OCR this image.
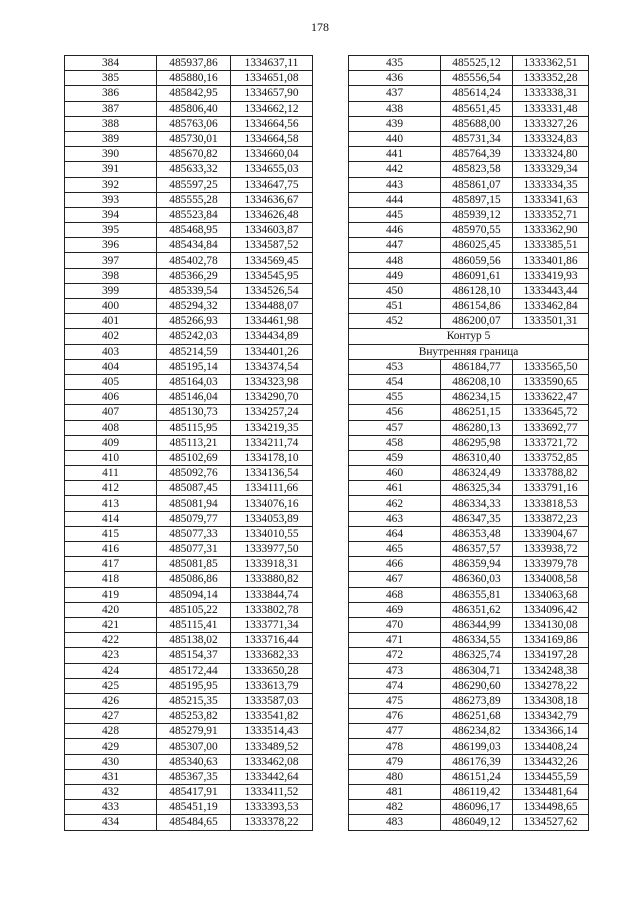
178
384	485937,86	1334637,11
385	485880,16	1334651,08
386	485842,95	1334657,90
387	485806,40	1334662,12
388	485763,06	1334664,56
389	485730,01	1334664,58
390	485670,82	1334660,04
391	485633,32	1334655,03
392	485597,25	1334647,75
393	485555,28	1334636,67
394	485523,84	1334626,48
395	485468,95	1334603,87
396	485434,84	1334587,52
397	485402,78	1334569,45
398	485366,29	1334545,95
399	485339,54	1334526,54
400	485294,32	1334488,07
401	485266,93	1334461,98
402	485242,03	1334434,89
403	485214,59	1334401,26
404	485195,14	1334374,54
405	485164,03	1334323,98
406	485146,04	1334290,70
407	485130,73	1334257,24
408	485115,95	1334219,35
409	485113,21	1334211,74
410	485102,69	1334178,10
411	485092,76	1334136,54
412	485087,45	1334111,66
413	485081,94	1334076,16
414	485079,77	1334053,89
415	485077,33	1334010,55
416	485077,31	1333977,50
417	485081,85	1333918,31
418	485086,86	1333880,82
419	485094,14	1333844,74
420	485105,22	1333802,78
421	485115,41	1333771,34
422	485138,02	1333716,44
423	485154,37	1333682,33
424	485172,44	1333650,28
425	485195,95	1333613,79
426	485215,35	1333587,03
427	485253,82	1333541,82
428	485279,91	1333514,43
429	485307,00	1333489,52
430	485340,63	1333462,08
431	485367,35	1333442,64
432	485417,91	1333411,52
433	485451,19	1333393,53
434	485484,65	1333378,22
435	485525,12	1333362,51
436	485556,54	1333352,28
437	485614,24	1333338,31
438	485651,45	1333331,48
439	485688,00	1333327,26
440	485731,34	1333324,83
441	485764,39	1333324,80
442	485823,58	1333329,34
443	485861,07	1333334,35
444	485897,15	1333341,63
445	485939,12	1333352,71
446	485970,55	1333362,90
447	486025,45	1333385,51
448	486059,56	1333401,86
449	486091,61	1333419,93
450	486128,10	1333443,44
451	486154,86	1333462,84
452	486200,07	1333501,31
Контур 5		
Внутренняя граница		
453	486184,77	1333565,50
454	486208,10	1333590,65
455	486234,15	1333622,47
456	486251,15	1333645,72
457	486280,13	1333692,77
458	486295,98	1333721,72
459	486310,40	1333752,85
460	486324,49	1333788,82
461	486325,34	1333791,16
462	486334,33	1333818,53
463	486347,35	1333872,23
464	486353,48	1333904,67
465	486357,57	1333938,72
466	486359,94	1333979,78
467	486360,03	1334008,58
468	486355,81	1334063,68
469	486351,62	1334096,42
470	486344,99	1334130,08
471	486334,55	1334169,86
472	486325,74	1334197,28
473	486304,71	1334248,38
474	486290,60	1334278,22
475	486273,89	1334308,18
476	486251,68	1334342,79
477	486234,82	1334366,14
478	486199,03	1334408,24
479	486176,39	1334432,26
480	486151,24	1334455,59
481	486119,42	1334481,64
482	486096,17	1334498,65
483	486049,12	1334527,62
